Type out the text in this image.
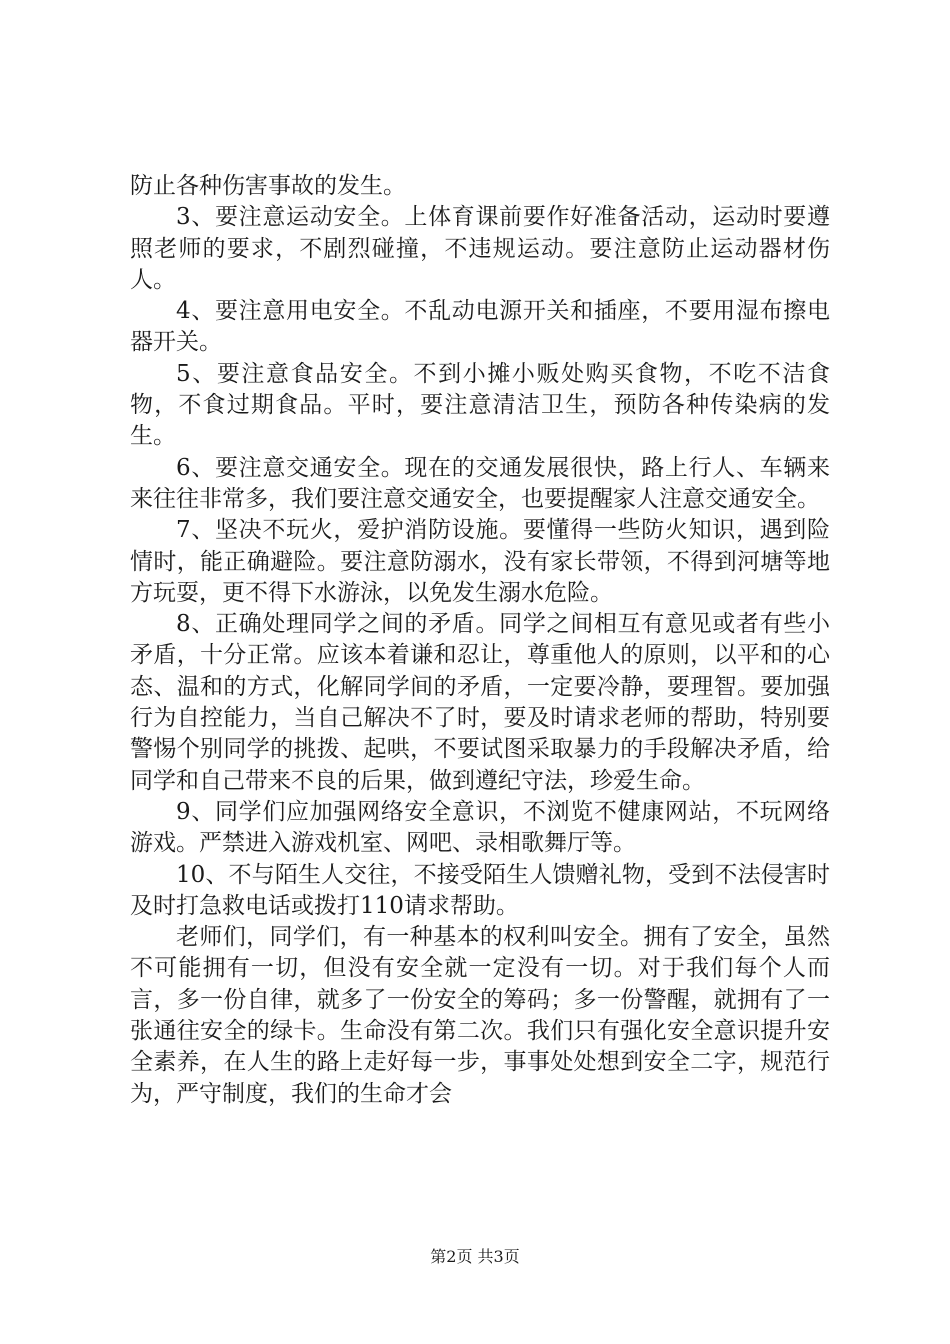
防止各种伤害事故的发生。

3、要注意运动安全。上体育课前要作好准备活动，运动时要遵照老师的要求，不剧烈碰撞，不违规运动。要注意防止运动器材伤人。

4、要注意用电安全。不乱动电源开关和插座，不要用湿布擦电器开关。

5、要注意食品安全。不到小摊小贩处购买食物，不吃不洁食物，不食过期食品。平时，要注意清洁卫生，预防各种传染病的发生。

6、要注意交通安全。现在的交通发展很快，路上行人、车辆来来往往非常多，我们要注意交通安全，也要提醒家人注意交通安全。

7、坚决不玩火，爱护消防设施。要懂得一些防火知识，遇到险情时，能正确避险。要注意防溺水，没有家长带领，不得到河塘等地方玩耍，更不得下水游泳，以免发生溺水危险。

8、正确处理同学之间的矛盾。同学之间相互有意见或者有些小矛盾，十分正常。应该本着谦和忍让，尊重他人的原则，以平和的心态、温和的方式，化解同学间的矛盾，一定要冷静，要理智。要加强行为自控能力，当自己解决不了时，要及时请求老师的帮助，特别要警惕个别同学的挑拨、起哄，不要试图采取暴力的手段解决矛盾，给同学和自己带来不良的后果，做到遵纪守法，珍爱生命。

9、同学们应加强网络安全意识，不浏览不健康网站，不玩网络游戏。严禁进入游戏机室、网吧、录相歌舞厅等。

10、不与陌生人交往，不接受陌生人馈赠礼物，受到不法侵害时及时打急救电话或拨打110请求帮助。

老师们，同学们，有一种基本的权利叫安全。拥有了安全，虽然不可能拥有一切，但没有安全就一定没有一切。对于我们每个人而言，多一份自律，就多了一份安全的筹码；多一份警醒，就拥有了一张通往安全的绿卡。生命没有第二次。我们只有强化安全意识提升安全素养，在人生的路上走好每一步，事事处处想到安全二字，规范行为，严守制度，我们的生命才会

第2页 共3页
